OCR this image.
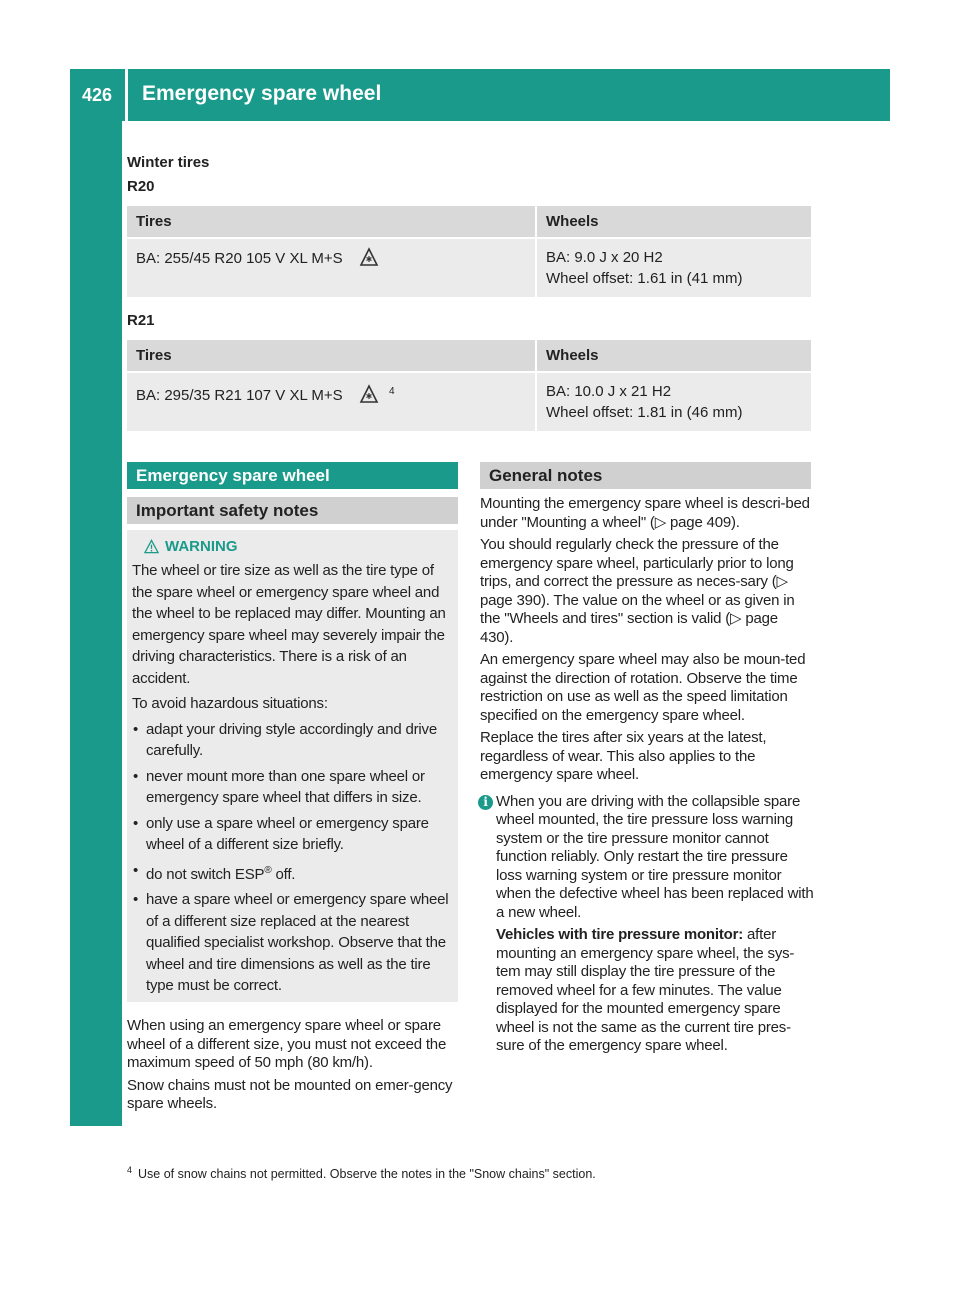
426 Emergency spare wheel
Wheels and tires
Winter tires
R20
Tires	Wheels
BA: 255/45 R20 105 V XL M+S	BA: 9.0 J x 20 H2
Wheel offset: 1.61 in (41 mm)
R21
Tires	Wheels
BA: 295/35 R21 107 V XL M+S $^4$	BA: 10.0 J x 21 H2
Wheel offset: 1.81 in (46 mm)
Emergency spare wheel
Important safety notes
WARNING

The wheel or tire size as well as the tire type of the spare wheel or emergency spare wheel and the wheel to be replaced may differ. Mounting an emergency spare wheel may severely impair the driving characteristics. There is a risk of an accident.

To avoid hazardous situations:

• adapt your driving style accordingly and drive carefully.
• never mount more than one spare wheel or emergency spare wheel that differs in size.
• only use a spare wheel or emergency spare wheel of a different size briefly.
• do not switch ESP® off.
• have a spare wheel or emergency spare wheel of a different size replaced at the nearest qualified specialist workshop. Observe that the wheel and tire dimensions as well as the tire type must be correct.

When using an emergency spare wheel or spare wheel of a different size, you must not exceed the maximum speed of 50 mph (80 km/h).

Snow chains must not be mounted on emer-gency spare wheels.

General notes

Mounting the emergency spare wheel is descri-bed under "Mounting a wheel" (▷ page 409).

You should regularly check the pressure of the emergency spare wheel, particularly prior to long trips, and correct the pressure as neces-sary (▷ page 390). The value on the wheel or as given in the "Wheels and tires" section is valid (▷ page 430).

An emergency spare wheel may also be moun-ted against the direction of rotation. Observe the time restriction on use as well as the speed limitation specified on the emergency spare wheel.

Replace the tires after six years at the latest, regardless of wear. This also applies to the emergency spare wheel.

i When you are driving with the collapsible spare wheel mounted, the tire pressure loss warning system or the tire pressure monitor cannot function reliably. Only restart the tire pressure loss warning system or tire pressure monitor when the defective wheel has been replaced with a new wheel.

Vehicles with tire pressure monitor: after mounting an emergency spare wheel, the sys-tem may still display the tire pressure of the removed wheel for a few minutes. The value displayed for the mounted emergency spare wheel is not the same as the current tire pres-sure of the emergency spare wheel.

$^4$ Use of snow chains not permitted. Observe the notes in the "Snow chains" section.
